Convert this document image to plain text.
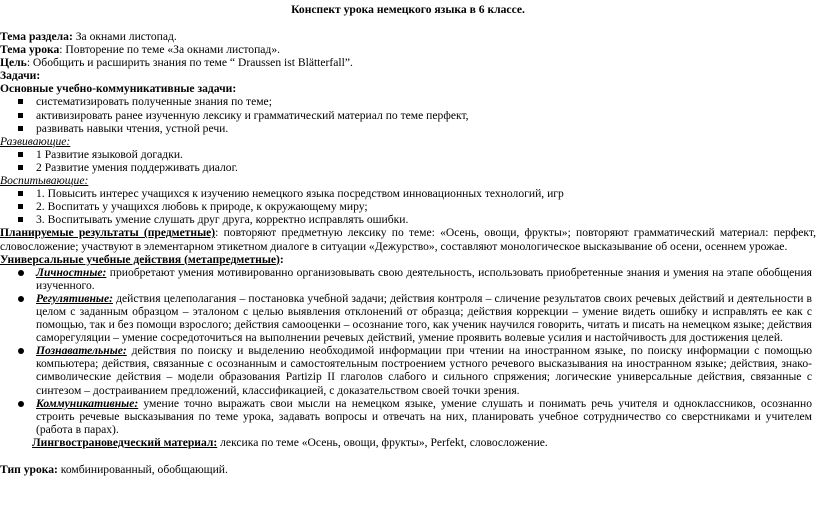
Конспект урока немецкого языка в 6 классе.
Тема раздела: За окнами листопад.
Тема урока: Повторение по теме «За окнами листопад».
Цель: Обобщить и расширить знания по теме “ Draussen ist Blätterfall”.
Задачи:
Основные учебно-коммуникативные задачи:
систематизировать полученные знания по теме;
активизировать ранее изученную лексику и грамматический материал по теме перфект,
развивать навыки чтения, устной речи.
Развивающие:
1 Развитие языковой догадки.
2 Развитие умения поддерживать диалог.
Воспитывающие:
1. Повысить интерес учащихся к изучению немецкого языка посредством инновационных технологий, игр
2. Воспитать у учащихся любовь к природе, к окружающему миру;
3. Воспитывать умение слушать друг друга, корректно исправлять ошибки.
Планируемые результаты (предметные): повторяют предметную лексику по теме: «Осень, овощи, фрукты»; повторяют грамматический материал: перфект, словосложение; участвуют в элементарном этикетном диалоге в ситуации «Дежурство», составляют монологическое высказывание об осени, осеннем урожае.
Универсальные учебные действия (метапредметные):
Личностные: приобретают умения мотивированно организовывать свою деятельность, использовать приобретенные знания и умения на этапе обобщения изученного.
Регулятивные: действия целеполагания – постановка учебной задачи; действия контроля – сличение результатов своих речевых действий и деятельности в целом с заданным образцом – эталоном с целью выявления отклонений от образца; действия коррекции – умение видеть ошибку и исправлять ее как с помощью, так и без помощи взрослого; действия самооценки – осознание того, как ученик научился говорить, читать и писать на немецком языке; действия саморегуляции – умение сосредоточиться на выполнении речевых действий, умение проявить волевые усилия и настойчивость для достижения целей.
Познавательные: действия по поиску и выделению необходимой информации при чтении на иностранном языке, по поиску информации с помощью компьютера; действия, связанные с осознанным и самостоятельным построением устного речевого высказывания на иностранном языке; действия, знако-символические действия – модели образования Partizip II глаголов слабого и сильного спряжения; логические универсальные действия, связанные с синтезом – достраиванием предложений, классификацией, с доказательством своей точки зрения.
Коммуникативные: умение точно выражать свои мысли на немецком языке, умение слушать и понимать речь учителя и одноклассников, осознанно строить речевые высказывания по теме урока, задавать вопросы и отвечать на них, планировать учебное сотрудничество со сверстниками и учителем (работа в парах).
Лингвострановедческий материал: лексика по теме «Осень, овощи, фрукты», Perfekt, словосложение.
Тип урока: комбинированный, обобщающий.
